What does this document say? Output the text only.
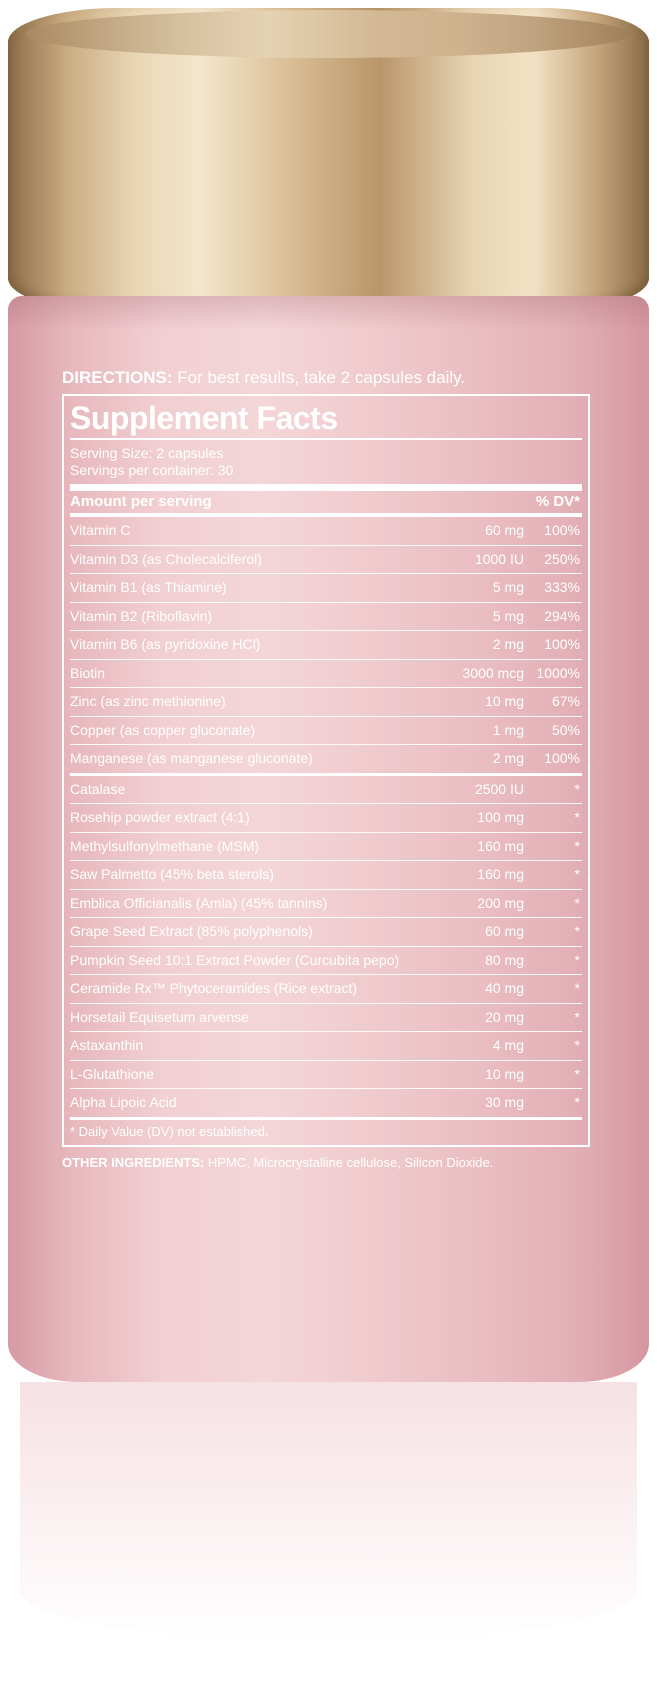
DIRECTIONS: For best results, take 2 capsules daily.
Supplement Facts
Serving Size: 2 capsules
Servings per container: 30
Amount per serving	% DV*
Vitamin C	60 mg	100%
Vitamin D3 (as Cholecalciferol)	1000 IU	250%
Vitamin B1 (as Thiamine)	5 mg	333%
Vitamin B2 (Riboflavin)	5 mg	294%
Vitamin B6 (as pyridoxine HCl)	2 mg	100%
Biotin	3000 mcg 1000%
Zinc (as zinc methionine)	10 mg	67%
Copper (as copper gluconate)	1 mg	50%
Manganese (as manganese gluconate)	2 mg	100%
Catalase	2500 IU	*
Rosehip powder extract (4:1)	100 mg	*
Methylsulfonylmethane (MSM)	160 mg	*
Saw Palmetto (45% beta sterols)	160 mg	*
Emblica Officianalis (Amla) (45% tannins)	200 mg	*
Grape Seed Extract (85% polyphenols)	60 mg	*
Pumpkin Seed 10:1 Extract Powder (Curcubita pepo)	80 mg	*
Ceramide Rx™ Phytoceramides (Rice extract)	40 mg	*
Horsetail Equisetum arvense	20 mg	*
Astaxanthin	4 mg	*
L-Glutathione	10 mg	*
Alpha Lipoic Acid	30 mg	*
* Daily Value (DV) not established.
OTHER INGREDIENTS: HPMC, Microcrystalline cellulose, Silicon Dioxide.
